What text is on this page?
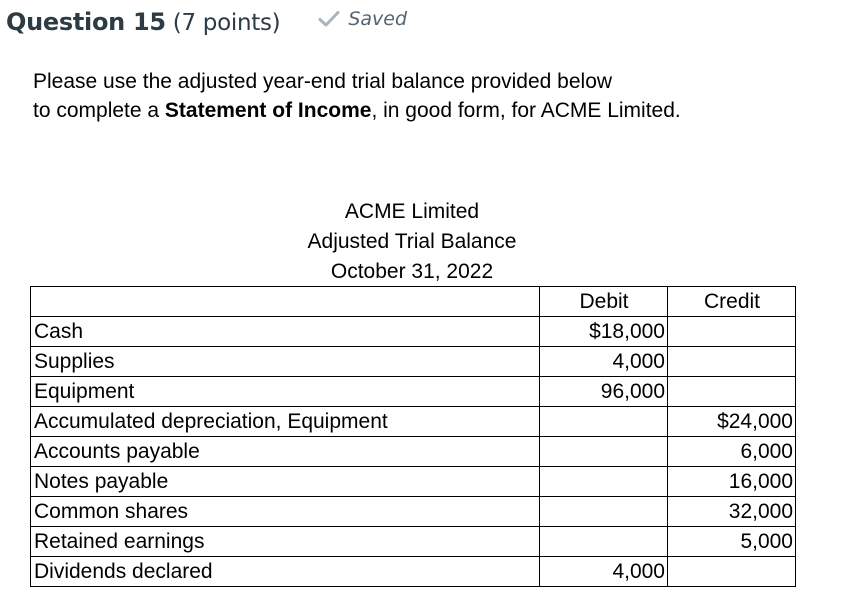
Question 15 (7 points)	Saved
Please use the adjusted year-end trial balance provided below
to complete a Statement of Income, in good form, for ACME Limited.
ACME Limited
Adjusted Trial Balance
October 31, 2022
	Debit	Credit
Cash	$18,000	
Supplies	4,000	
Equipment	96,000	
Accumulated depreciation, Equipment		$24,000
Accounts payable		6,000
Notes payable		16,000
Common shares		32,000
Retained earnings		5,000
Dividends declared	4,000	
